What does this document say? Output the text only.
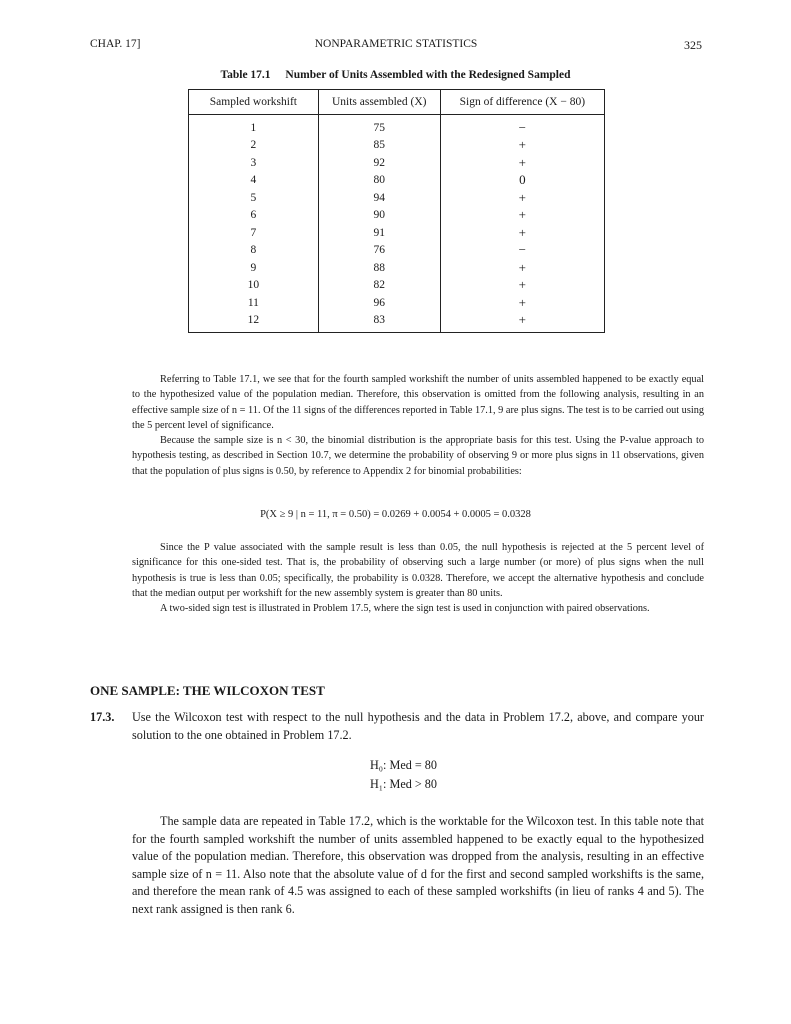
CHAP. 17]	NONPARAMETRIC STATISTICS	325
Table 17.1 Number of Units Assembled with the Redesigned Sampled
Sampled workshift	Units assembled (X)	Sign of difference (X − 80)
1	75	−
2	85	+
3	92	+
4	80	0
5	94	+
6	90	+
7	91	+
8	76	−
9	88	+
10	82	+
11	96	+
12	83	+

Referring to Table 17.1, we see that for the fourth sampled workshift the number of units assembled happened to be exactly equal to the hypothesized value of the population median. Therefore, this observation is omitted from the following analysis, resulting in an effective sample size of n = 11. Of the 11 signs of the differences reported in Table 17.1, 9 are plus signs. The test is to be carried out using the 5 percent level of significance.

Because the sample size is n < 30, the binomial distribution is the appropriate basis for this test. Using the P-value approach to hypothesis testing, as described in Section 10.7, we determine the probability of observing 9 or more plus signs in 11 observations, given that the population of plus signs is 0.50, by reference to Appendix 2 for binomial probabilities:

P(X ≥ 9 | n = 11, π = 0.50) = 0.0269 + 0.0054 + 0.0005 = 0.0328

Since the P value associated with the sample result is less than 0.05, the null hypothesis is rejected at the 5 percent level of significance for this one-sided test. That is, the probability of observing such a large number (or more) of plus signs when the null hypothesis is true is less than 0.05; specifically, the probability is 0.0328. Therefore, we accept the alternative hypothesis and conclude that the median output per workshift for the new assembly system is greater than 80 units.

A two-sided sign test is illustrated in Problem 17.5, where the sign test is used in conjunction with paired observations.

ONE SAMPLE: THE WILCOXON TEST
17.3. Use the Wilcoxon test with respect to the null hypothesis and the data in Problem 17.2, above, and compare your solution to the one obtained in Problem 17.2.
H₀: Med = 80
H₁: Med > 80
The sample data are repeated in Table 17.2, which is the worktable for the Wilcoxon test. In this table note that for the fourth sampled workshift the number of units assembled happened to be exactly equal to the hypothesized value of the population median. Therefore, this observation was dropped from the analysis, resulting in an effective sample size of n = 11. Also note that the absolute value of d for the first and second sampled workshifts is the same, and therefore the mean rank of 4.5 was assigned to each of these sampled workshifts (in lieu of ranks 4 and 5). The next rank assigned is then rank 6.
